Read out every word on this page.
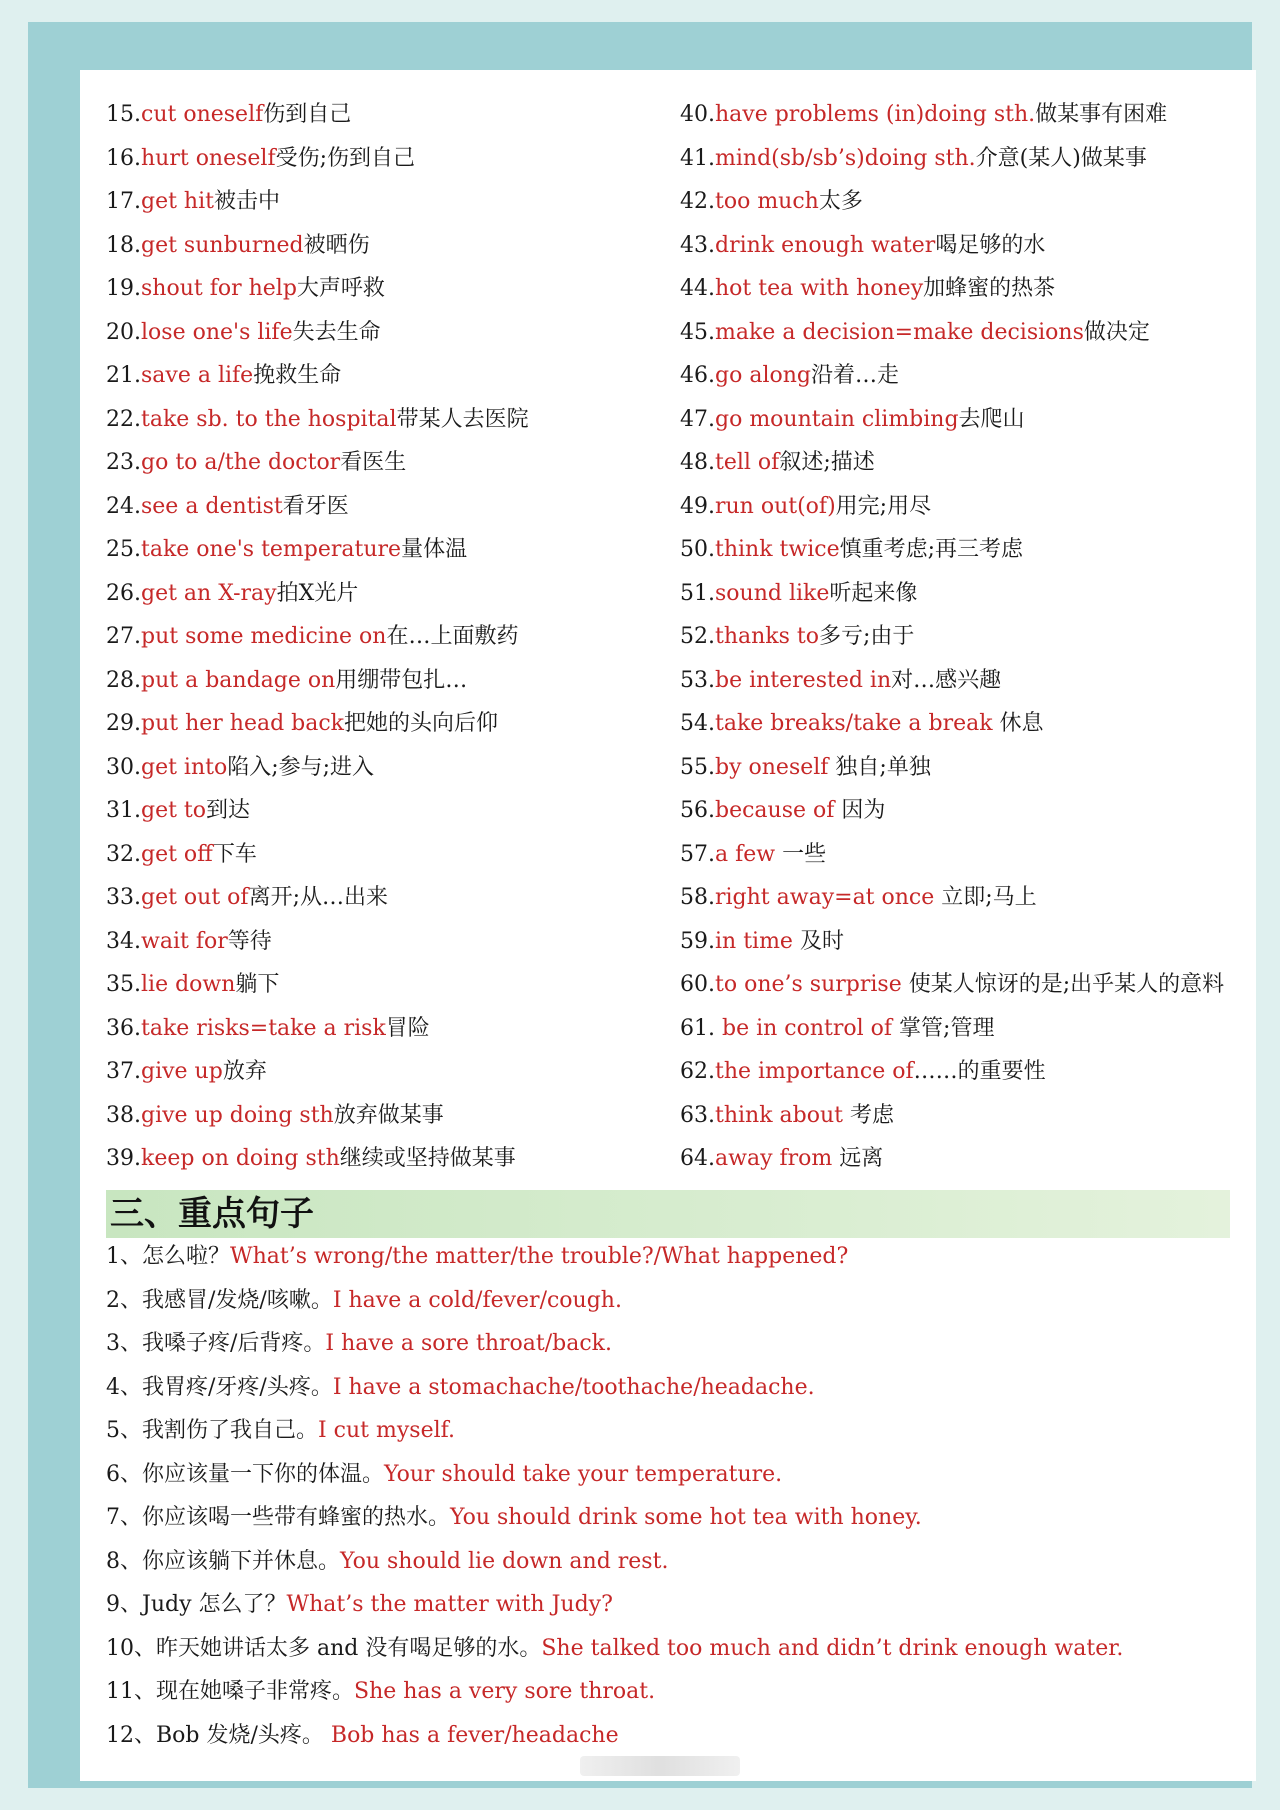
15.cut oneself伤到自己
16.hurt oneself受伤;伤到自己
17.get hit被击中
18.get sunburned被晒伤
19.shout for help大声呼救
20.lose one's life失去生命
21.save a life挽救生命
22.take sb. to the hospital带某人去医院
23.go to a/the doctor看医生
24.see a dentist看牙医
25.take one's temperature量体温
26.get an X-ray拍X光片
27.put some medicine on在…上面敷药
28.put a bandage on用绷带包扎…
29.put her head back把她的头向后仰
30.get into陷入;参与;进入
31.get to到达
32.get off下车
33.get out of离开;从…出来
34.wait for等待
35.lie down躺下
36.take risks=take a risk冒险
37.give up放弃
38.give up doing sth放弃做某事
39.keep on doing sth继续或坚持做某事
40.have problems (in)doing sth.做某事有困难
41.mind(sb/sb’s)doing sth.介意(某人)做某事
42.too much太多
43.drink enough water喝足够的水
44.hot tea with honey加蜂蜜的热茶
45.make a decision=make decisions做决定
46.go along沿着…走
47.go mountain climbing去爬山
48.tell of叙述;描述
49.run out(of)用完;用尽
50.think twice慎重考虑;再三考虑
51.sound like听起来像
52.thanks to多亏;由于
53.be interested in对…感兴趣
54.take breaks/take a break 休息
55.by oneself 独自;单独
56.because of 因为
57.a few 一些
58.right away=at once 立即;马上
59.in time 及时
60.to one’s surprise 使某人惊讶的是;出乎某人的意料
61. be in control of 掌管;管理
62.the importance of……的重要性
63.think about 考虑
64.away from 远离
三、重点句子
1、怎么啦？What’s wrong/the matter/the trouble?/What happened?
2、我感冒/发烧/咳嗽。I have a cold/fever/cough.
3、我嗓子疼/后背疼。I have a sore throat/back.
4、我胃疼/牙疼/头疼。I have a stomachache/toothache/headache.
5、我割伤了我自己。I cut myself.
6、你应该量一下你的体温。Your should take your temperature.
7、你应该喝一些带有蜂蜜的热水。You should drink some hot tea with honey.
8、你应该躺下并休息。You should lie down and rest.
9、Judy 怎么了？What’s the matter with Judy?
10、昨天她讲话太多 and 没有喝足够的水。She talked too much and didn’t drink enough water.
11、现在她嗓子非常疼。She has a very sore throat.
12、Bob 发烧/头疼。 Bob has a fever/headache
